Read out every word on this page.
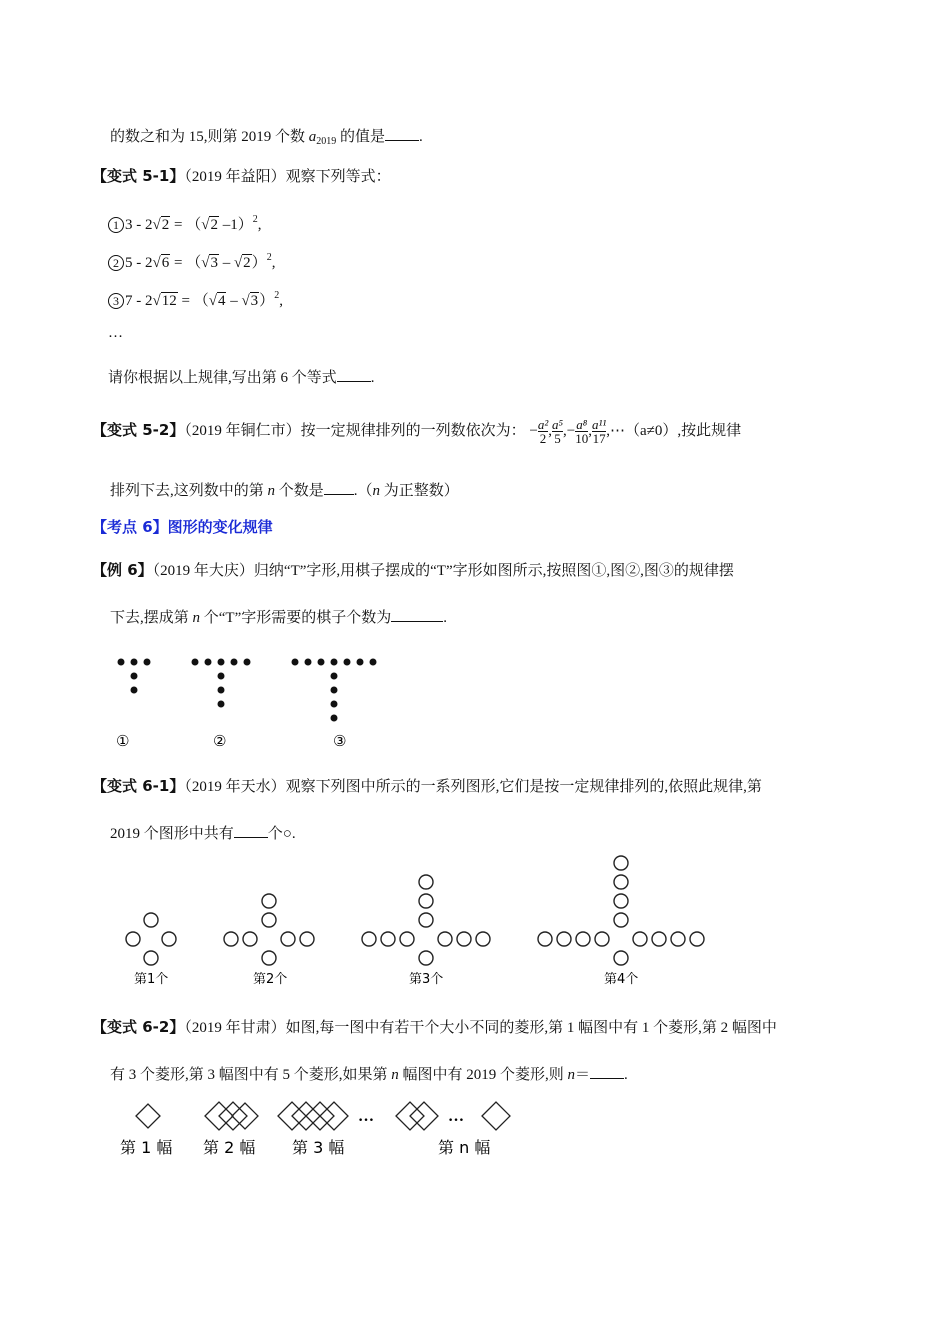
的数之和为 15,则第 2019 个数 $a_{2019}$ 的值是 .
【变式 5-1】（2019 年益阳）观察下列等式：
1 3 - 2√2 = （√2 –1）$^2$,
2 5 - 2√6 = （√3 – √2）$^2$,
3 7 - 2√12 = （√4 – √3）$^2$,
…
请你根据以上规律,写出第 6 个等式 .
【变式 5-2】（2019 年铜仁市）按一定规律排列的一列数依次为： − $\frac{\text{a²}}{2}$ , $\frac{\text{a⁵}}{5}$ ,− $\frac{\text{a⁸}}{10}$ , $\frac{\text{a¹¹}}{17}$ ,⋯（a≠0）,按此规律
排列下去,这列数中的第 n 个数是 .（n 为正整数）
【考点 6】图形的变化规律
【例 6】（2019 年大庆）归纳“T”字形,用棋子摆成的“T”字形如图所示,按照图①,图②,图③的规律摆
下去,摆成第 n 个“T”字形需要的棋子个数为	.
①	②	③
【变式 6-1】（2019 年天水）观察下列图中所示的一系列图形,它们是按一定规律排列的,依照此规律,第
2019 个图形中共有 个○.
第1个	第2个	第3个	第4个
【变式 6-2】（2019 年甘肃）如图,每一图中有若干个大小不同的菱形,第 1 幅图中有 1 个菱形,第 2 幅图中
有 3 个菱形,第 3 幅图中有 5 个菱形,如果第 n 幅图中有 2019 个菱形,则 n＝ .
…	…
第 1 幅 第 2 幅 第 3 幅	第 n 幅
